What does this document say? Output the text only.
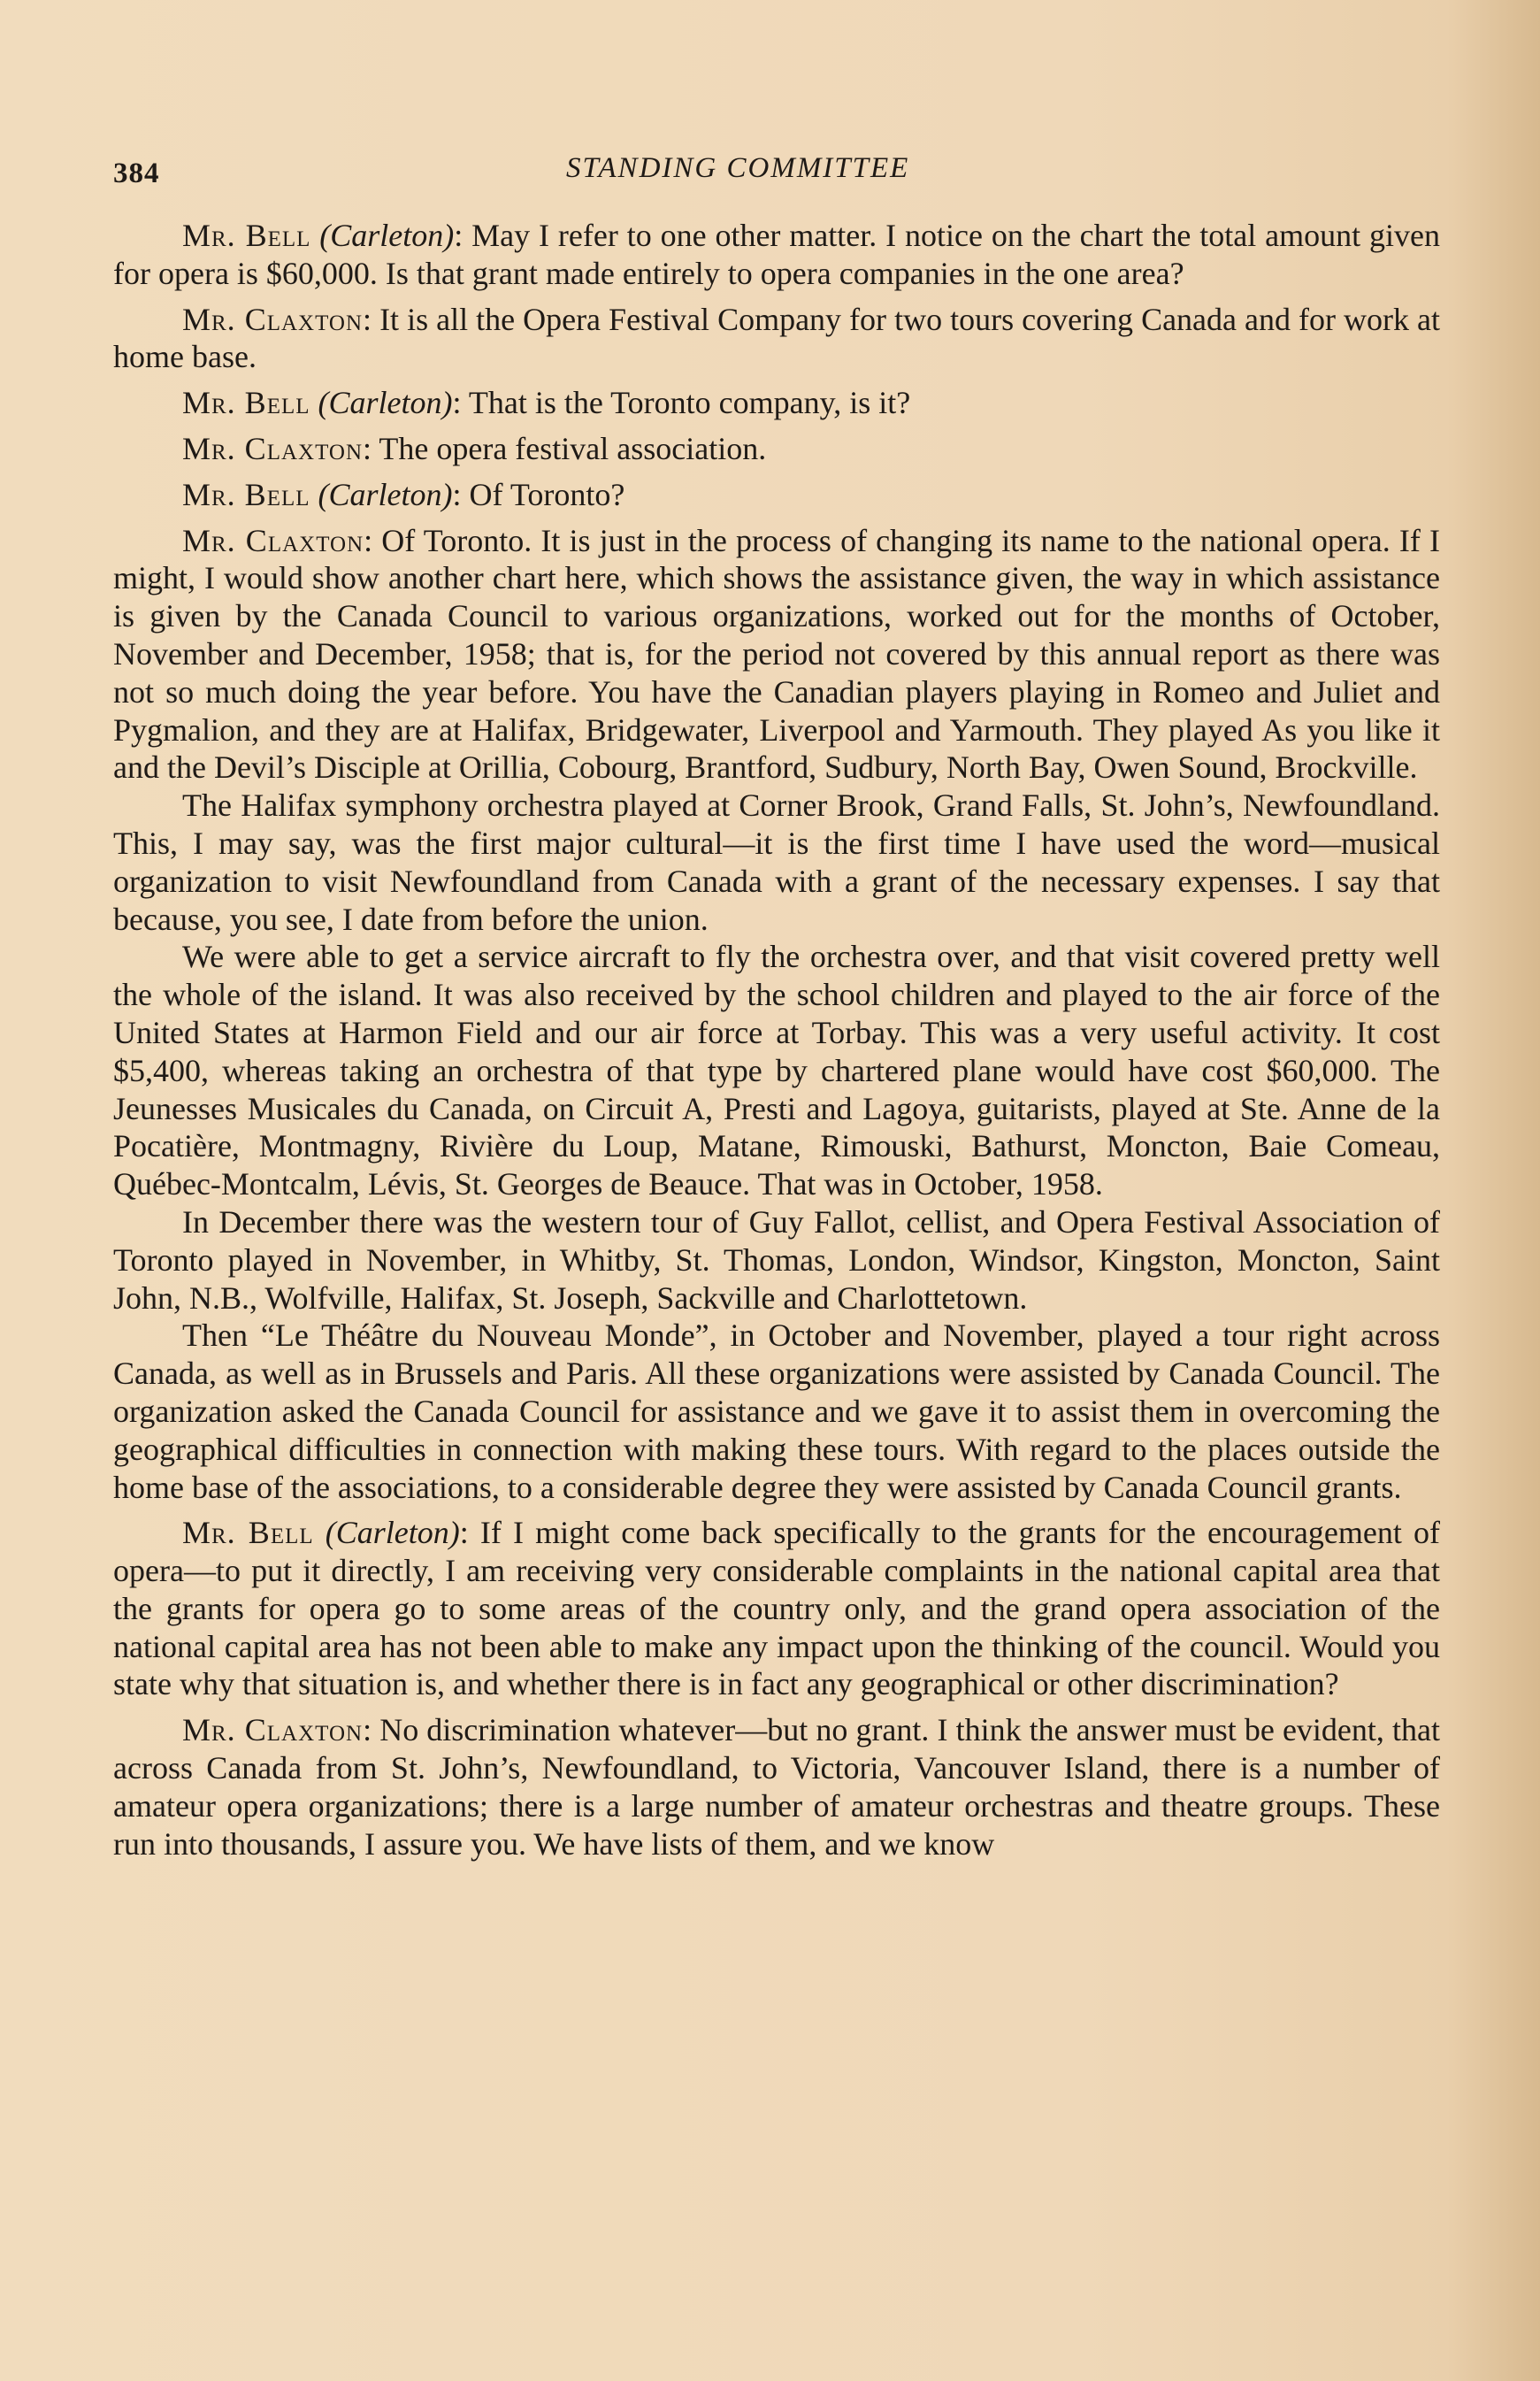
384	STANDING COMMITTEE

Mr. Bell (Carleton): May I refer to one other matter. I notice on the chart the total amount given for opera is $60,000. Is that grant made entirely to opera companies in the one area?

Mr. Claxton: It is all the Opera Festival Company for two tours covering Canada and for work at home base.

Mr. Bell (Carleton): That is the Toronto company, is it?

Mr. Claxton: The opera festival association.

Mr. Bell (Carleton): Of Toronto?

Mr. Claxton: Of Toronto. It is just in the process of changing its name to the national opera. If I might, I would show another chart here, which shows the assistance given, the way in which assistance is given by the Canada Council to various organizations, worked out for the months of October, November and December, 1958; that is, for the period not covered by this annual report as there was not so much doing the year before. You have the Canadian players playing in Romeo and Juliet and Pygmalion, and they are at Halifax, Bridgewater, Liverpool and Yarmouth. They played As you like it and the Devil’s Disciple at Orillia, Cobourg, Brantford, Sudbury, North Bay, Owen Sound, Brockville.

The Halifax symphony orchestra played at Corner Brook, Grand Falls, St. John’s, Newfoundland. This, I may say, was the first major cultural—it is the first time I have used the word—musical organization to visit Newfoundland from Canada with a grant of the necessary expenses. I say that because, you see, I date from before the union.

We were able to get a service aircraft to fly the orchestra over, and that visit covered pretty well the whole of the island. It was also received by the school children and played to the air force of the United States at Harmon Field and our air force at Torbay. This was a very useful activity. It cost $5,400, whereas taking an orchestra of that type by chartered plane would have cost $60,000. The Jeunesses Musicales du Canada, on Circuit A, Presti and Lagoya, guitarists, played at Ste. Anne de la Pocatière, Montmagny, Rivière du Loup, Matane, Rimouski, Bathurst, Moncton, Baie Comeau, Québec-Montcalm, Lévis, St. Georges de Beauce. That was in October, 1958.

In December there was the western tour of Guy Fallot, cellist, and Opera Festival Association of Toronto played in November, in Whitby, St. Thomas, London, Windsor, Kingston, Moncton, Saint John, N.B., Wolfville, Halifax, St. Joseph, Sackville and Charlottetown.

Then “Le Théâtre du Nouveau Monde”, in October and November, played a tour right across Canada, as well as in Brussels and Paris. All these organizations were assisted by Canada Council. The organization asked the Canada Council for assistance and we gave it to assist them in overcoming the geographical difficulties in connection with making these tours. With regard to the places outside the home base of the associations, to a considerable degree they were assisted by Canada Council grants.

Mr. Bell (Carleton): If I might come back specifically to the grants for the encouragement of opera—to put it directly, I am receiving very considerable complaints in the national capital area that the grants for opera go to some areas of the country only, and the grand opera association of the national capital area has not been able to make any impact upon the thinking of the council. Would you state why that situation is, and whether there is in fact any geographical or other discrimination?

Mr. Claxton: No discrimination whatever—but no grant. I think the answer must be evident, that across Canada from St. John’s, Newfoundland, to Victoria, Vancouver Island, there is a number of amateur opera organizations; there is a large number of amateur orchestras and theatre groups. These run into thousands, I assure you. We have lists of them, and we know
